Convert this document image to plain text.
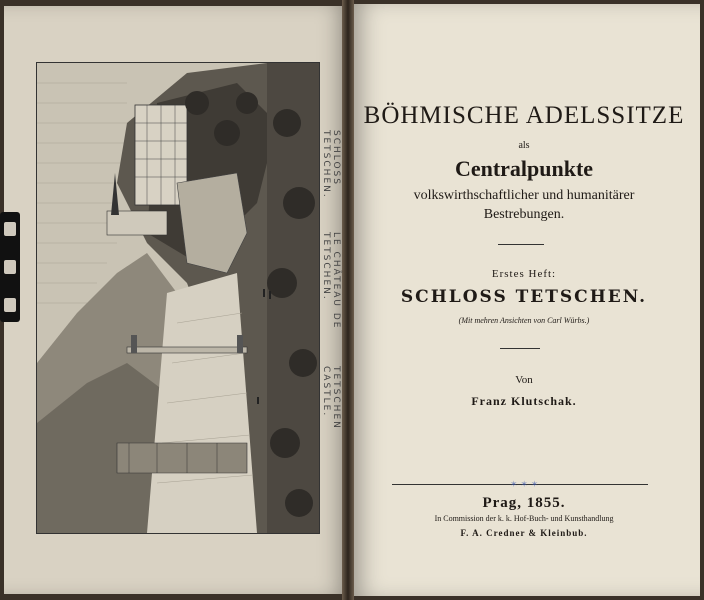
SCHLOSS TETSCHEN.
LE CHÂTEAU DE TETSCHEN.
TETSCHEN CASTLE.
BÖHMISCHE ADELSSITZE
als
Centralpunkte
volkswirthschaftlicher und humanitärer
Bestrebungen.
Erstes Heft:
SCHLOSS TETSCHEN.
(Mit mehren Ansichten von Carl Würbs.)
Von
Franz Klutschak.
✶ ✶ ✶
Prag, 1855.
In Commission der k. k. Hof-Buch- und Kunsthandlung
F. A. Credner & Kleinbub.
